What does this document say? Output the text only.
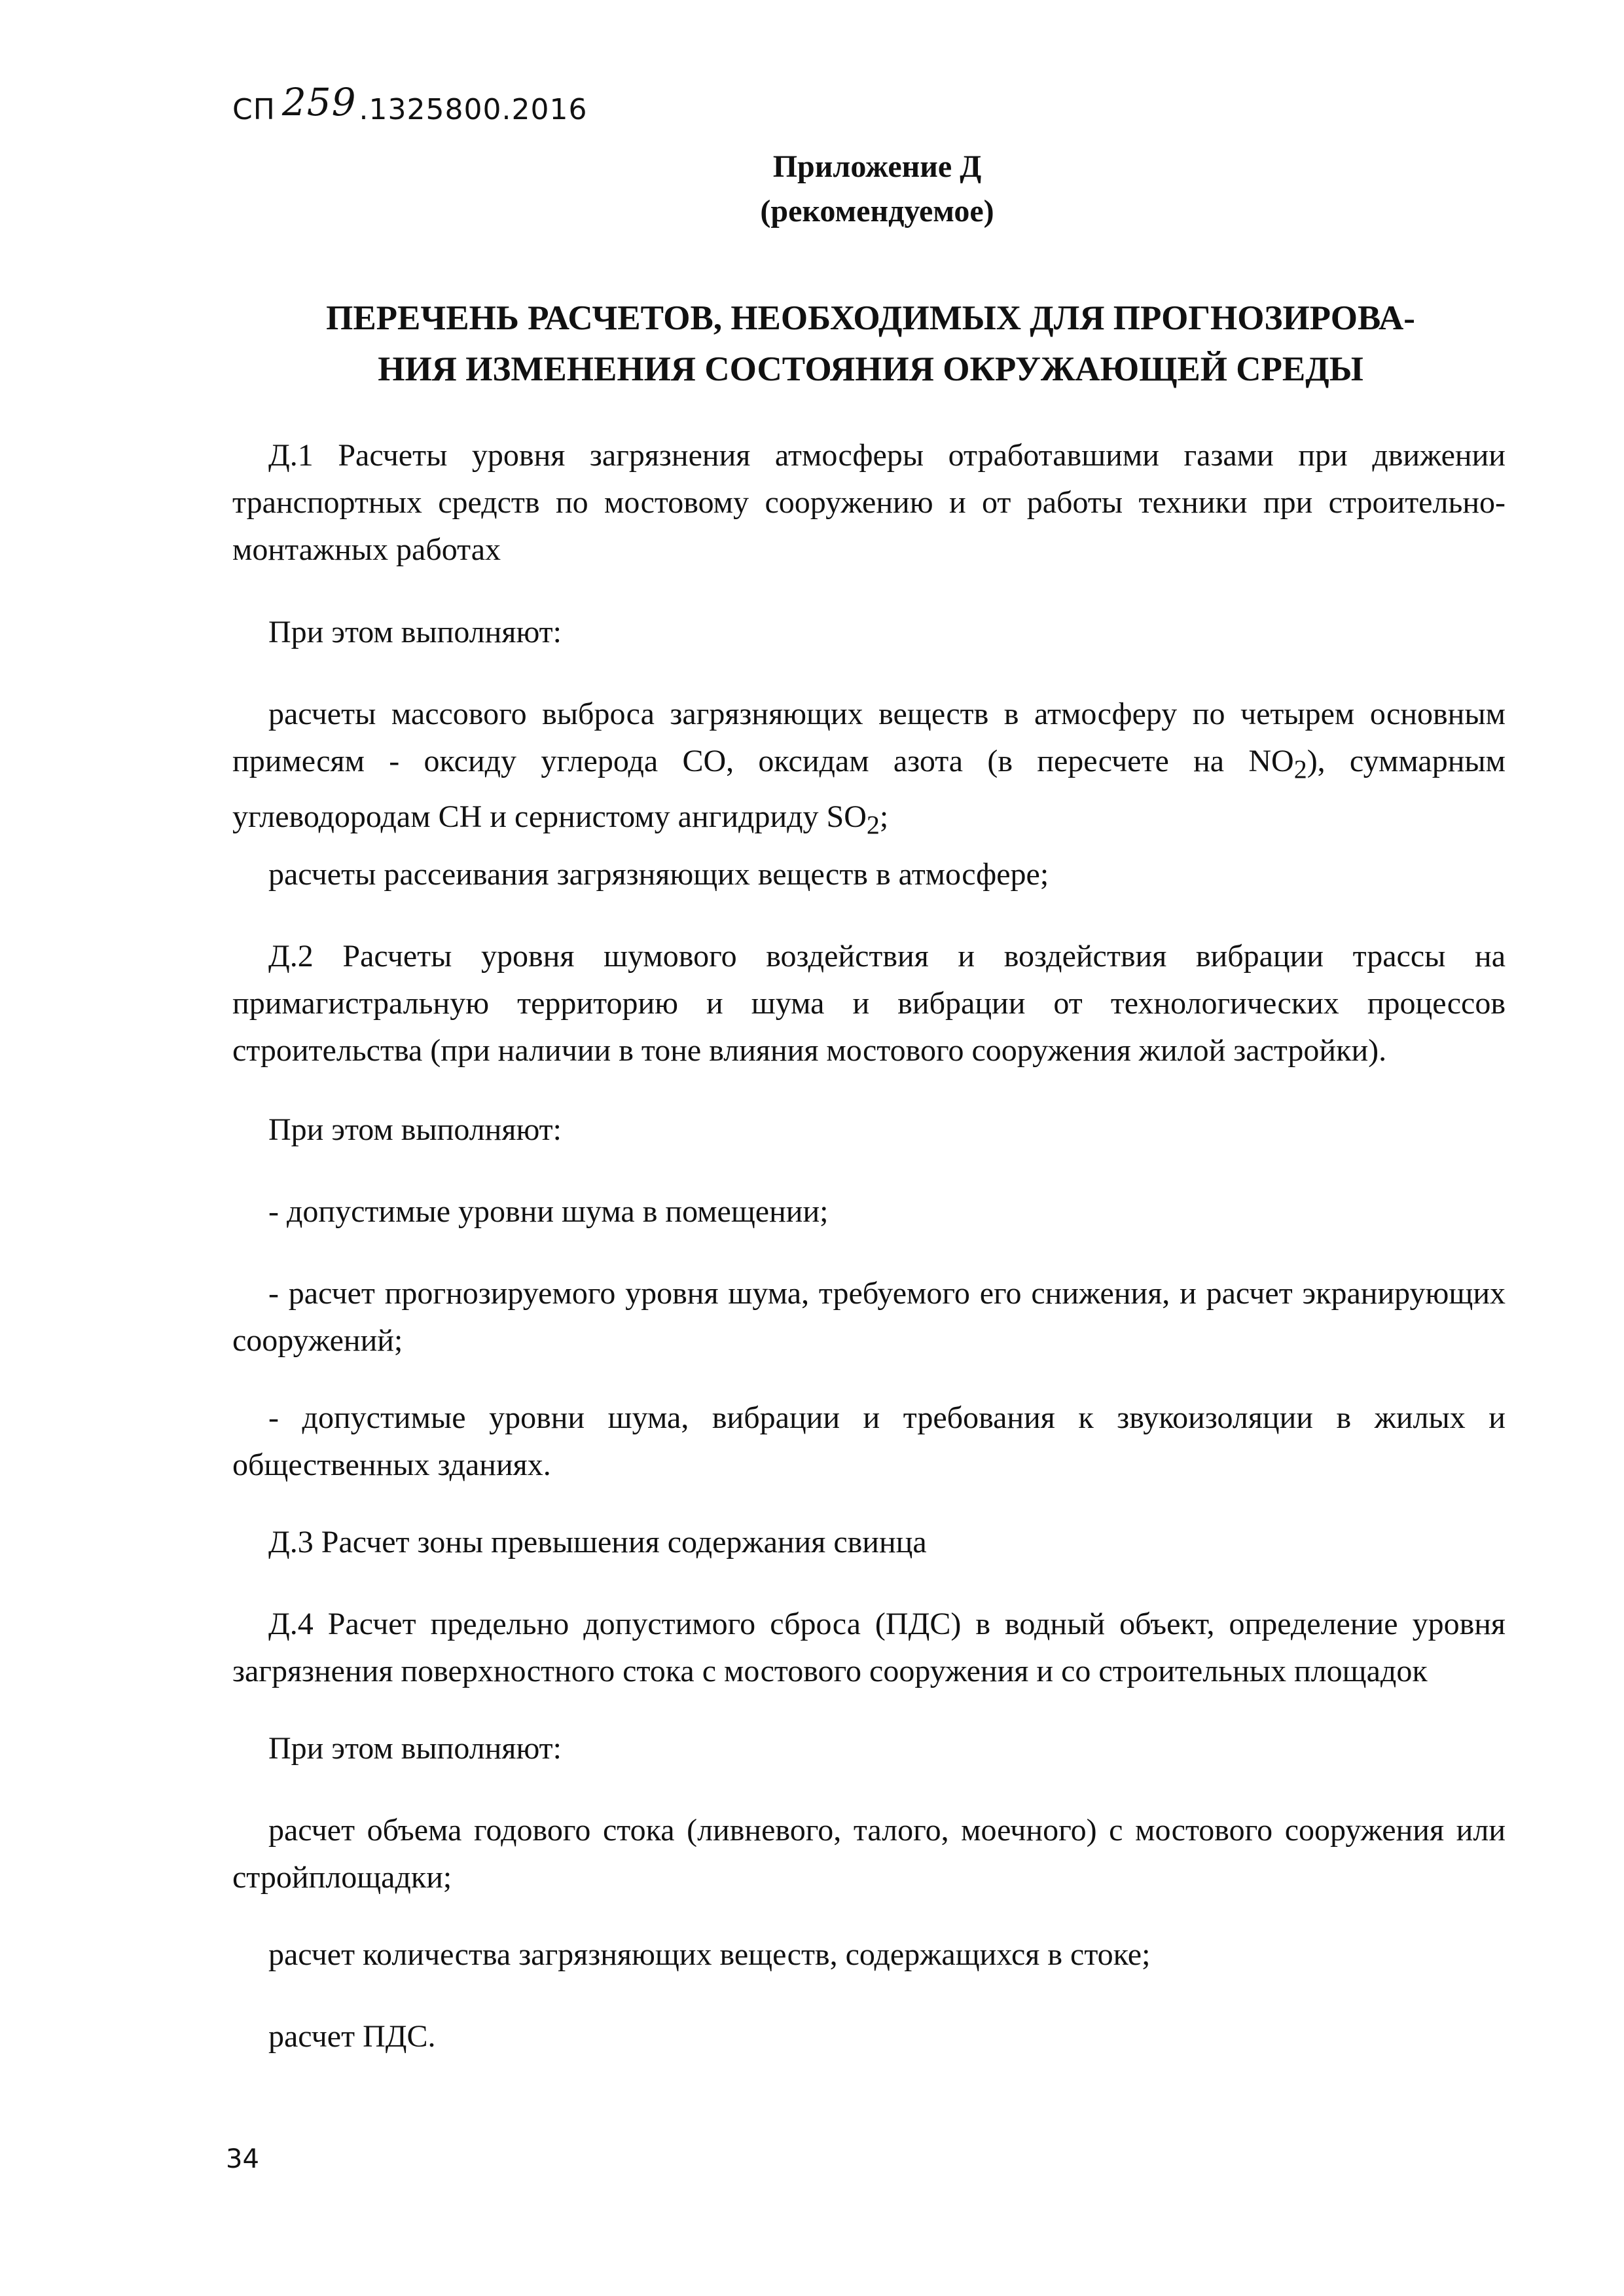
СП 259.1325800.2016
Приложение Д
(рекомендуемое)
ПЕРЕЧЕНЬ РАСЧЕТОВ, НЕОБХОДИМЫХ ДЛЯ ПРОГНОЗИРОВА-
НИЯ ИЗМЕНЕНИЯ СОСТОЯНИЯ ОКРУЖАЮЩЕЙ СРЕДЫ
Д.1 Расчеты уровня загрязнения атмосферы отработавшими газами при движении транспортных средств по мостовому сооружению и от работы техники при строительно-монтажных работах
При этом выполняют:
расчеты массового выброса загрязняющих веществ в атмосферу по четырем основным примесям - оксиду углерода СО, оксидам азота (в пересчете на $NO_2$), суммарным углеводородам СН и сернистому ангидриду $SO_2$;
расчеты рассеивания загрязняющих веществ в атмосфере;
Д.2 Расчеты уровня шумового воздействия и воздействия вибрации трассы на примагистральную территорию и шума и вибрации от технологических процессов строительства (при наличии в тоне влияния мостового сооружения жилой застройки).
При этом выполняют:
- допустимые уровни шума в помещении;
- расчет прогнозируемого уровня шума, требуемого его снижения, и расчет экранирующих сооружений;
- допустимые уровни шума, вибрации и требования к звукоизоляции в жилых и общественных зданиях.
Д.3 Расчет зоны превышения содержания свинца
Д.4 Расчет предельно допустимого сброса (ПДС) в водный объект, определение уровня загрязнения поверхностного стока с мостового сооружения и со строительных площадок
При этом выполняют:
расчет объема годового стока (ливневого, талого, моечного) с мостового сооружения или стройплощадки;
расчет количества загрязняющих веществ, содержащихся в стоке;
расчет ПДС.
34
